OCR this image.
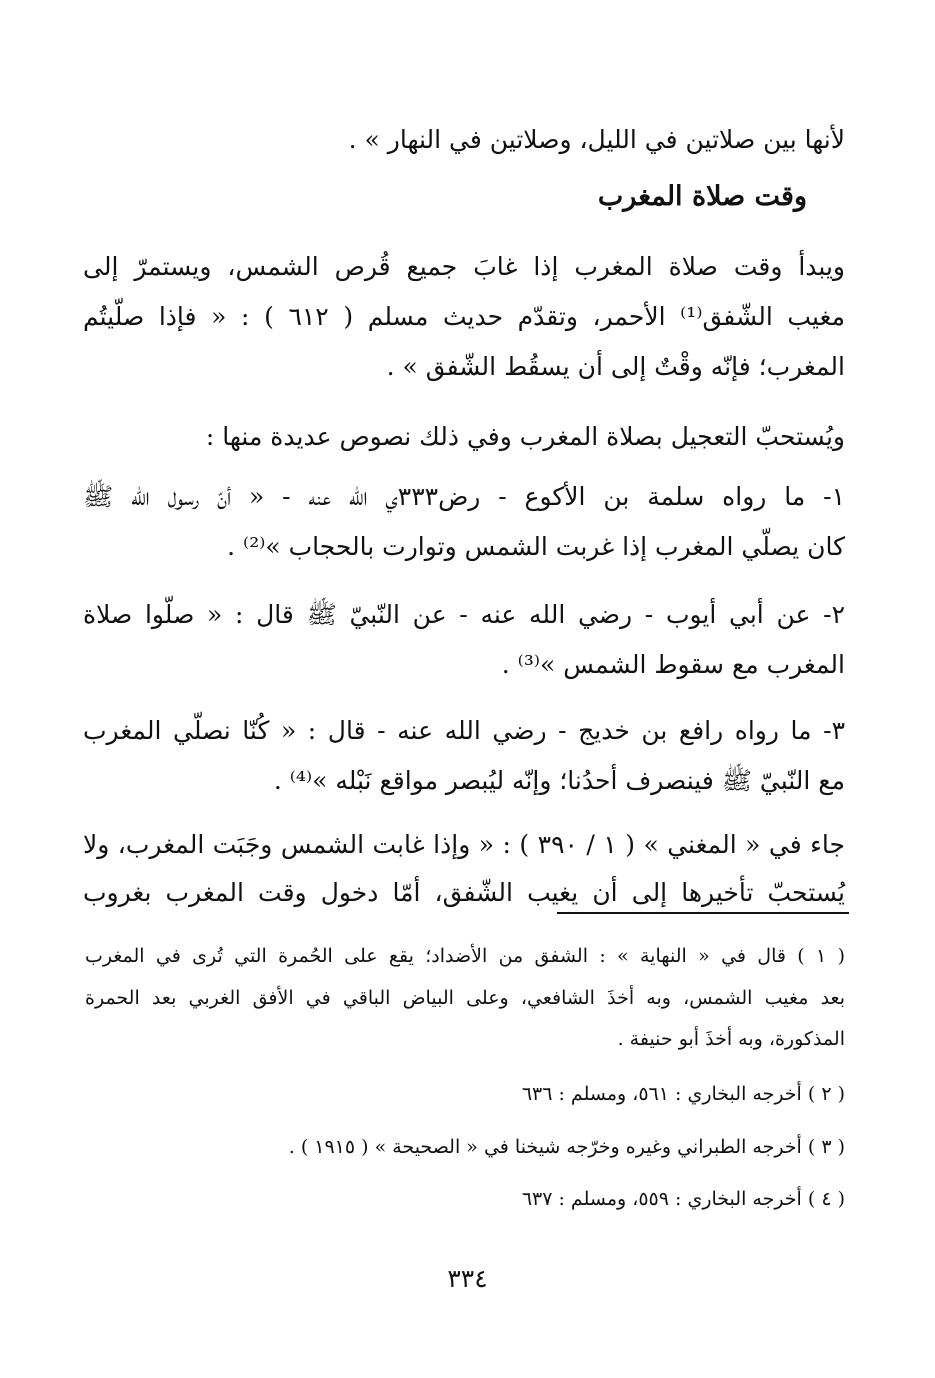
لأنها بين صلاتين في الليل، وصلاتين في النهار » .
وقت صلاة المغرب
ويبدأ وقت صلاة المغرب إذا غابَ جميع قُرص الشمس، ويستمرّ إلى
مغيب الشّفق⁽¹⁾ الأحمر، وتقدّم حديث مسلم ( ٦١٢ ) : « فإذا صلّيتُم
المغرب؛ فإنّه وقْتٌ إلى أن يسقُط الشّفق » .
ويُستحبّ التعجيل بصلاة المغرب وفي ذلك نصوص عديدة منها :
١- ما رواه سلمة بن الأكوع - رض٣٣٣ي الله عنه - « أنّ رسول الله ﷺ
كان يصلّي المغرب إذا غربت الشمس وتوارت بالحجاب »⁽²⁾ .
٢- عن أبي أيوب - رضي الله عنه - عن النّبيّ ﷺ قال : « صلّوا صلاة
المغرب مع سقوط الشمس »⁽³⁾ .
٣- ما رواه رافع بن خديج - رضي الله عنه - قال : « كُنّا نصلّي المغرب
مع النّبيّ ﷺ فينصرف أحدُنا؛ وإنّه ليُبصر مواقع نَبْله »⁽⁴⁾ .
جاء في « المغني » ( ١ / ٣٩٠ ) : « وإذا غابت الشمس وجَبَت المغرب، ولا
يُستحبّ تأخيرها إلى أن يغيب الشّفق، أمّا دخول وقت المغرب بغروب
( ١ ) قال في « النهاية » : الشفق من الأضداد؛ يقع على الحُمرة التي تُرى في المغرب
بعد مغيب الشمس، وبه أخذَ الشافعي، وعلى البياض الباقي في الأفق الغربي بعد الحمرة
المذكورة، وبه أخذَ أبو حنيفة .
( ٢ ) أخرجه البخاري : ٥٦١، ومسلم : ٦٣٦
( ٣ ) أخرجه الطبراني وغيره وخرّجه شيخنا في « الصحيحة » ( ١٩١٥ ) .
( ٤ ) أخرجه البخاري : ٥٥٩، ومسلم : ٦٣٧
٣٣٤
